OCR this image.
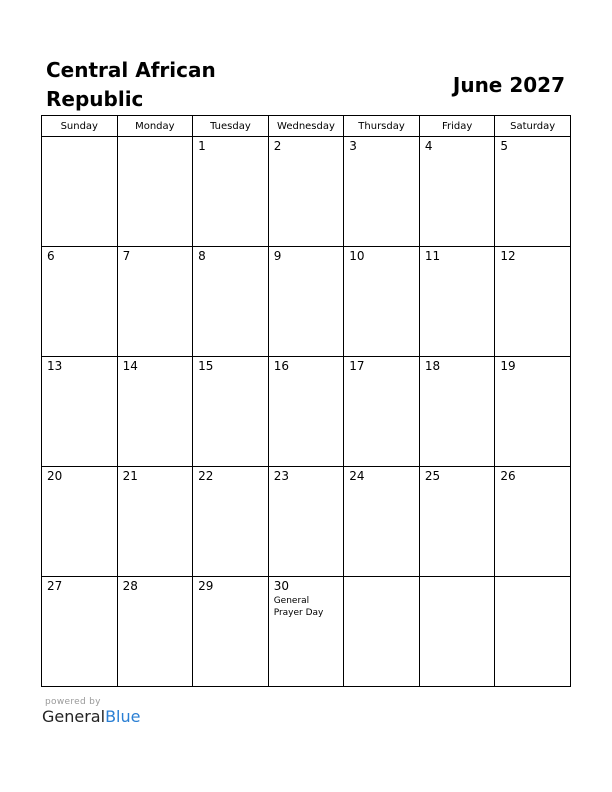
Central African Republic
June 2027
Sunday	Monday	Tuesday	Wednesday	Thursday	Friday	Saturday

		1	2	3	4	5

6	7	8	9	10	11	12

13	14	15	16	17	18	19

20	21	22	23	24	25	26

27	28	29	30
General Prayer Day			

powered by
GeneralBlue
